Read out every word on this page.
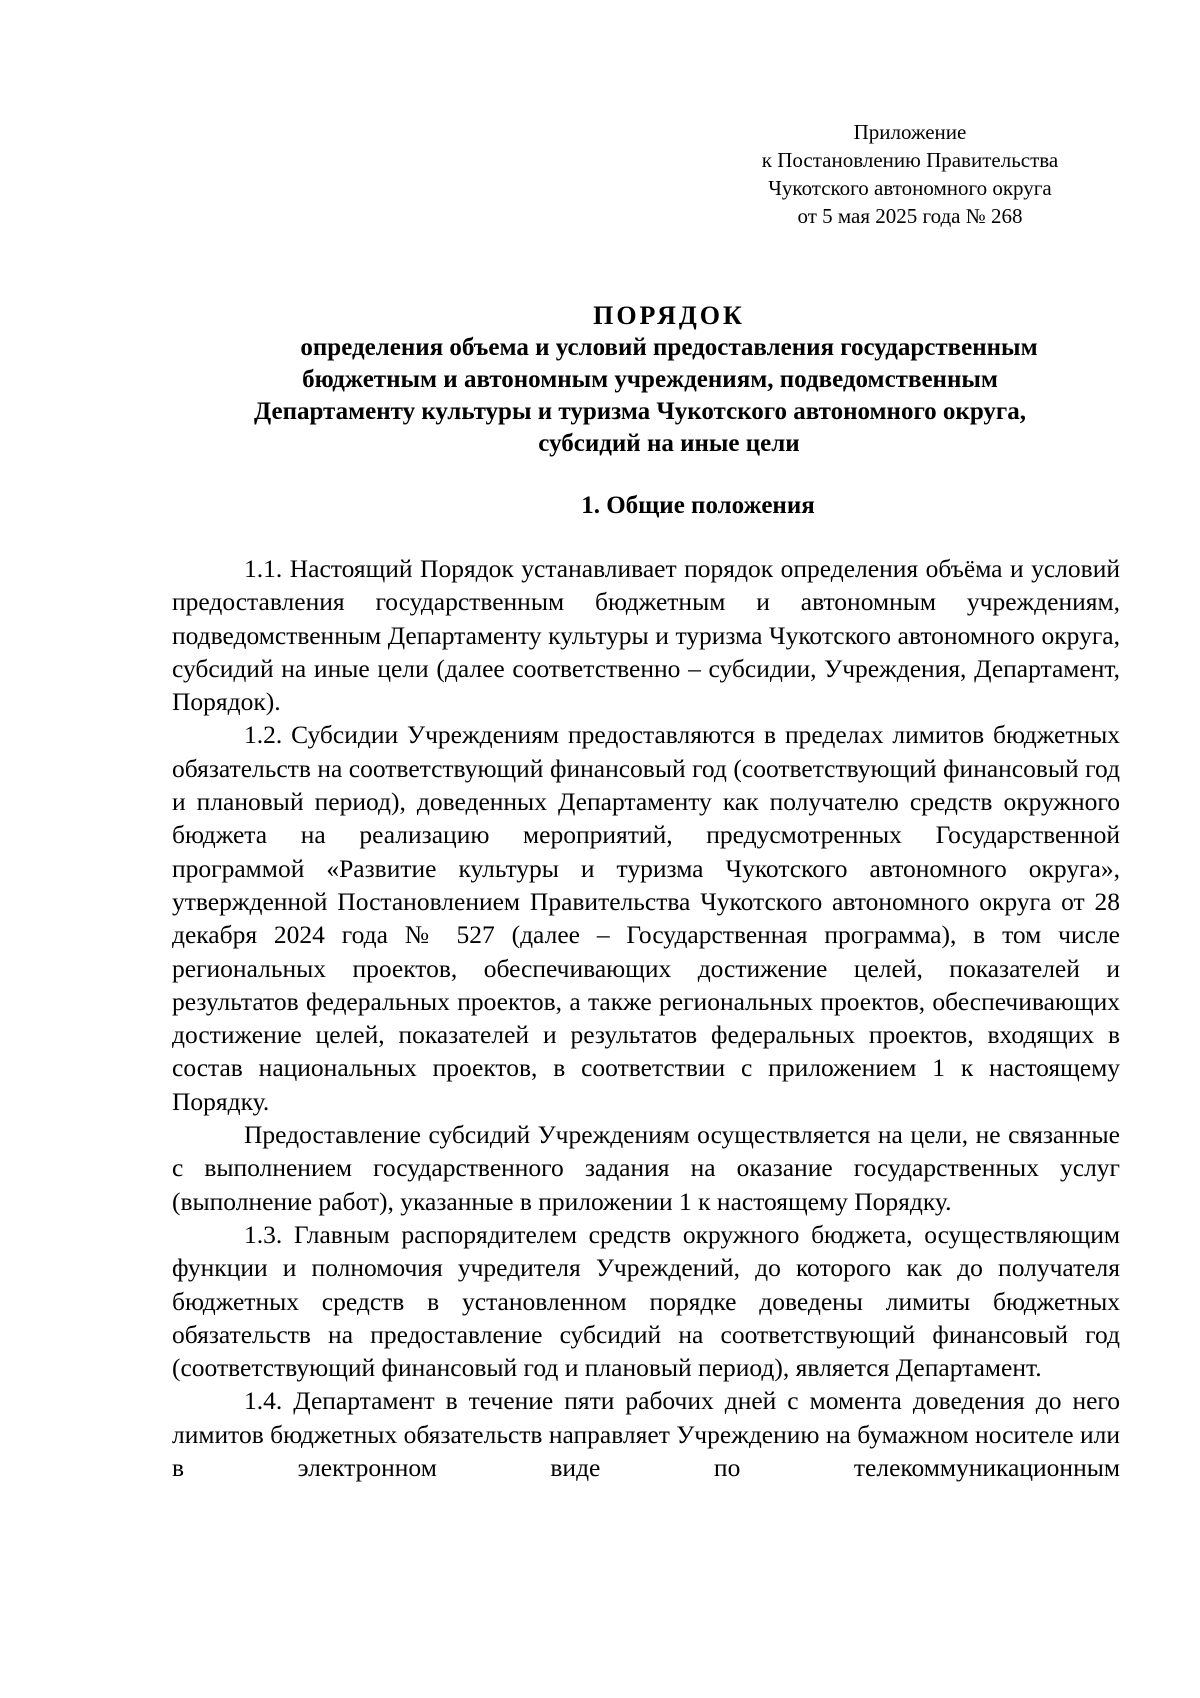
Приложение
к Постановлению Правительства
Чукотского автономного округа
от 5 мая 2025 года № 268
ПОРЯДОК
определения объема и условий предоставления государственным
бюджетным и автономным учреждениям, подведомственным
Департаменту культуры и туризма Чукотского автономного округа,
субсидий на иные цели
1. Общие положения

1.1. Настоящий Порядок устанавливает порядок определения объёма и условий предоставления государственным бюджетным и автономным учреждениям, подведомственным Департаменту культуры и туризма Чукотского автономного округа, субсидий на иные цели (далее соответственно – субсидии, Учреждения, Департамент, Порядок).

1.2. Субсидии Учреждениям предоставляются в пределах лимитов бюджетных обязательств на соответствующий финансовый год (соответствующий финансовый год и плановый период), доведенных Департаменту как получателю средств окружного бюджета на реализацию мероприятий, предусмотренных Государственной программой «Развитие культуры и туризма Чукотского автономного округа», утвержденной Постановлением Правительства Чукотского автономного округа от 28 декабря 2024 года № 527 (далее – Государственная программа), в том числе региональных проектов, обеспечивающих достижение целей, показателей и результатов федеральных проектов, а также региональных проектов, обеспечивающих достижение целей, показателей и результатов федеральных проектов, входящих в состав национальных проектов, в соответствии с приложением 1 к настоящему Порядку.

Предоставление субсидий Учреждениям осуществляется на цели, не связанные с выполнением государственного задания на оказание государственных услуг (выполнение работ), указанные в приложении 1 к настоящему Порядку.

1.3. Главным распорядителем средств окружного бюджета, осуществляющим функции и полномочия учредителя Учреждений, до которого как до получателя бюджетных средств в установленном порядке доведены лимиты бюджетных обязательств на предоставление субсидий на соответствующий финансовый год (соответствующий финансовый год и плановый период), является Департамент.

1.4. Департамент в течение пяти рабочих дней с момента доведения до него лимитов бюджетных обязательств направляет Учреждению на бумажном носителе или в электронном виде по телекоммуникационным
